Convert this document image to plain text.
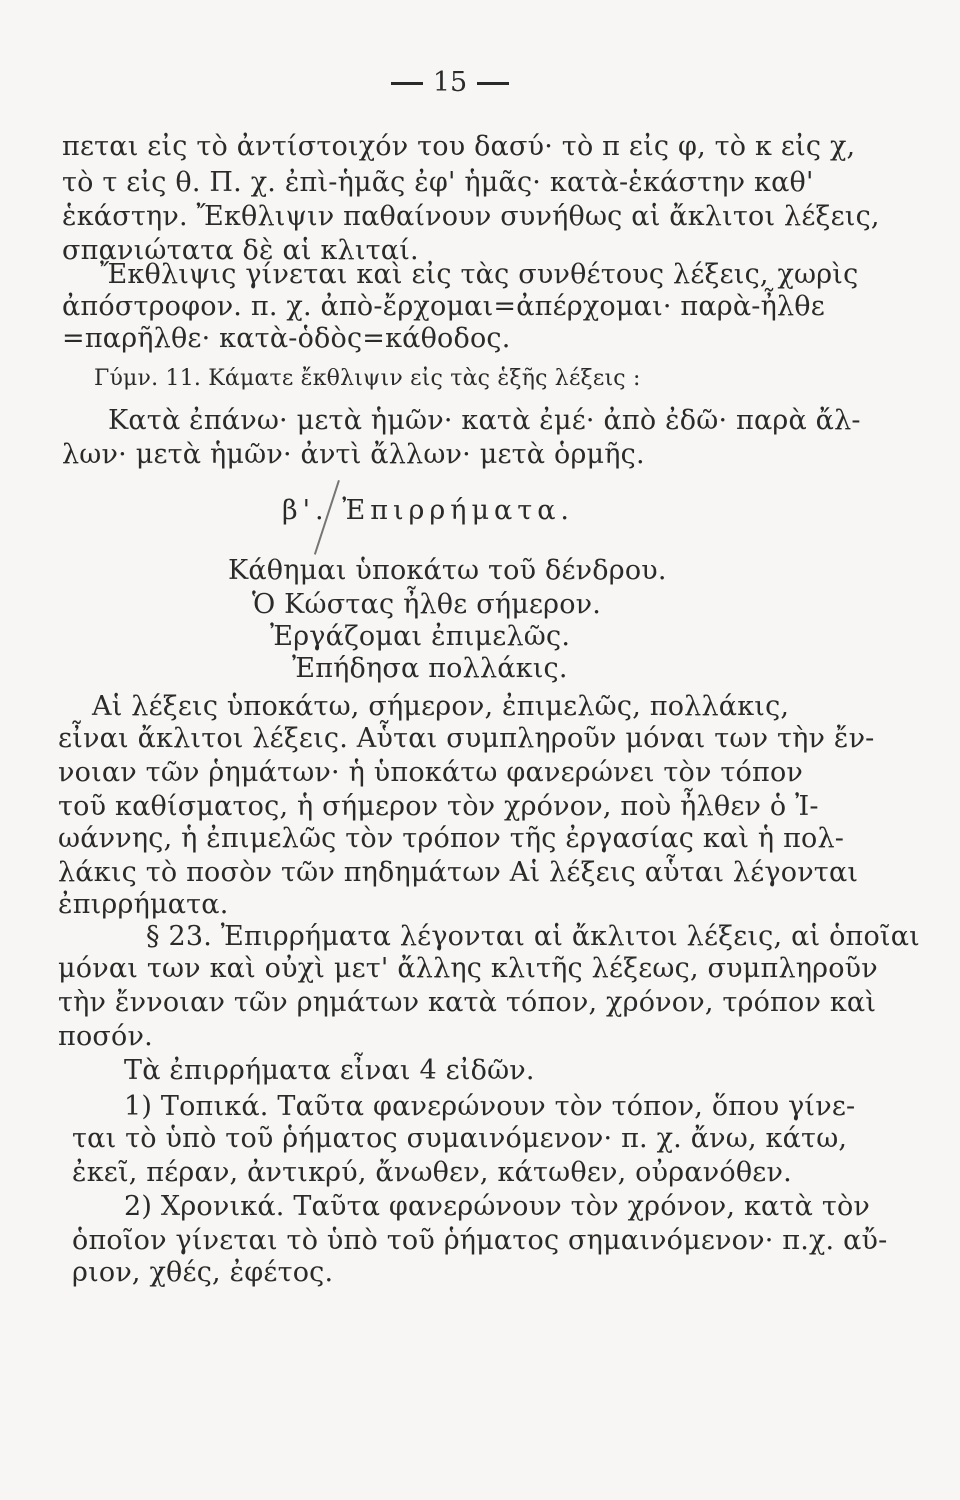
15
πεται εἰς τὸ ἀντίστοιχόν του δασύ· τὸ π εἰς φ, τὸ κ εἰς χ,
τὸ τ εἰς θ. Π. χ. ἐπὶ-ἡμᾶς ἐφ' ἡμᾶς· κατὰ-ἑκάστην καθ'
ἑκάστην. Ἔκθλιψιν παθαίνουν συνήθως αἱ ἄκλιτοι λέξεις,
σπανιώτατα δὲ αἱ κλιταί.
Ἔκθλιψις γίνεται καὶ εἰς τὰς συνθέτους λέξεις, χωρὶς
ἀπόστροφον. π. χ. ἀπὸ-ἔρχομαι=ἀπέρχομαι· παρὰ-ἦλθε
=παρῆλθε· κατὰ-ὁδὸς=κάθοδος.
Γύμν. 11. Κάματε ἔκθλιψιν εἰς τὰς ἑξῆς λέξεις :
Κατὰ ἐπάνω· μετὰ ἡμῶν· κατὰ ἐμέ· ἀπὸ ἐδῶ· παρὰ ἄλ-
λων· μετὰ ἡμῶν· ἀντὶ ἄλλων· μετὰ ὁρμῆς.
β'. Ἐπιρρήματα.
Κάθημαι ὑποκάτω τοῦ δένδρου.
Ὁ Κώστας ἦλθε σήμερον.
Ἐργάζομαι ἐπιμελῶς.
Ἐπήδησα πολλάκις.
Αἱ λέξεις ὑποκάτω, σήμερον, ἐπιμελῶς, πολλάκις,
εἶναι ἄκλιτοι λέξεις. Αὗται συμπληροῦν μόναι των τὴν ἔν-
νοιαν τῶν ῥημάτων· ἡ ὑποκάτω φανερώνει τὸν τόπον
τοῦ καθίσματος, ἡ σήμερον τὸν χρόνον, ποὺ ἦλθεν ὁ Ἰ-
ωάννης, ἡ ἐπιμελῶς τὸν τρόπον τῆς ἐργασίας καὶ ἡ πολ-
λάκις τὸ ποσὸν τῶν πηδημάτων Αἱ λέξεις αὗται λέγονται
ἐπιρρήματα.
§ 23. Ἐπιρρήματα λέγονται αἱ ἄκλιτοι λέξεις, αἱ ὁποῖαι
μόναι των καὶ οὐχὶ μετ' ἄλλης κλιτῆς λέξεως, συμπληροῦν
τὴν ἔννοιαν τῶν ρημάτων κατὰ τόπον, χρόνον, τρόπον καὶ
ποσόν.
Τὰ ἐπιρρήματα εἶναι 4 εἰδῶν.
1) Τοπικά. Ταῦτα φανερώνουν τὸν τόπον, ὅπου γίνε-
ται τὸ ὑπὸ τοῦ ῥήματος συμαινόμενον· π. χ. ἄνω, κάτω,
ἐκεῖ, πέραν, ἀντικρύ, ἄνωθεν, κάτωθεν, οὐρανόθεν.
2) Χρονικά. Ταῦτα φανερώνουν τὸν χρόνον, κατὰ τὸν
ὁποῖον γίνεται τὸ ὑπὸ τοῦ ῥήματος σημαινόμενον· π.χ. αὔ-
ριον, χθές, ἐφέτος.
